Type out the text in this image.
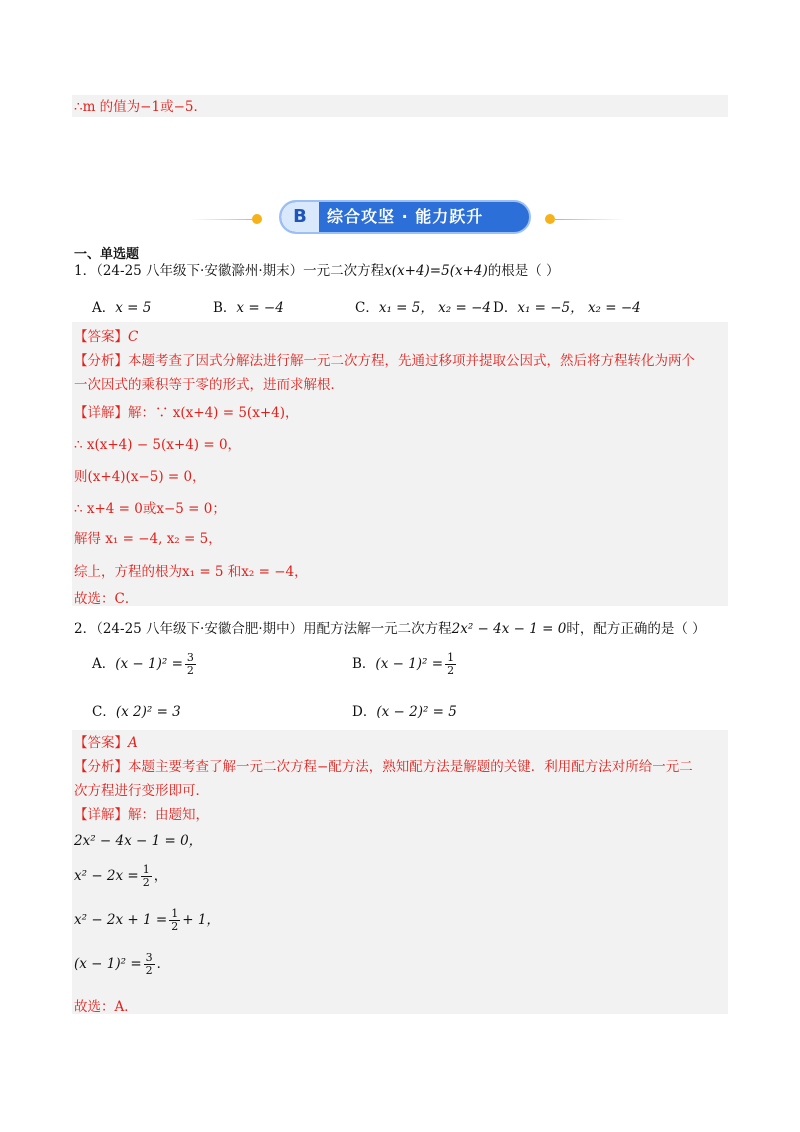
∴m 的值为−1或−5．
B	综合攻坚 · 能力跃升
一、单选题
1．（24-25 八年级下·安徽滁州·期末）一元二次方程x(x+4)=5(x+4)的根是（ ）
A．x = 5	B．x = −4	C．x₁ = 5， x₂ = −4 D．x₁ = −5， x₂ = −4
【答案】C
【分析】本题考查了因式分解法进行解一元二次方程，先通过移项并提取公因式，然后将方程转化为两个
一次因式的乘积等于零的形式，进而求解根．
【详解】解：∵ x(x+4) = 5(x+4)，
∴ x(x+4) − 5(x+4) = 0，
则(x+4)(x−5) = 0，
∴ x+4 = 0或x−5 = 0；
解得 x₁ = −4, x₂ = 5，
综上，方程的根为x₁ = 5 和x₂ = −4，
故选：C．
2．（24-25 八年级下·安徽合肥·期中）用配方法解一元二次方程2x² − 4x − 1 = 0时，配方正确的是（ ）
A．$(x - 1)^2 = \frac{3}{2}$	B．$(x - 1)^2 = \frac{1}{2}$
C．(x 2)² = 3	D．(x − 2)² = 5
【答案】A
【分析】本题主要考查了解一元二次方程−配方法，熟知配方法是解题的关键．利用配方法对所给一元二
次方程进行变形即可．
【详解】解：由题知，
2x² − 4x − 1 = 0，
$x^2 - 2x = \frac{1}{2}$ ，
$x^2 - 2x + 1 = \frac{1}{2} + 1$，
$(x - 1)^2 = \frac{3}{2}$ ．
故选：A．
